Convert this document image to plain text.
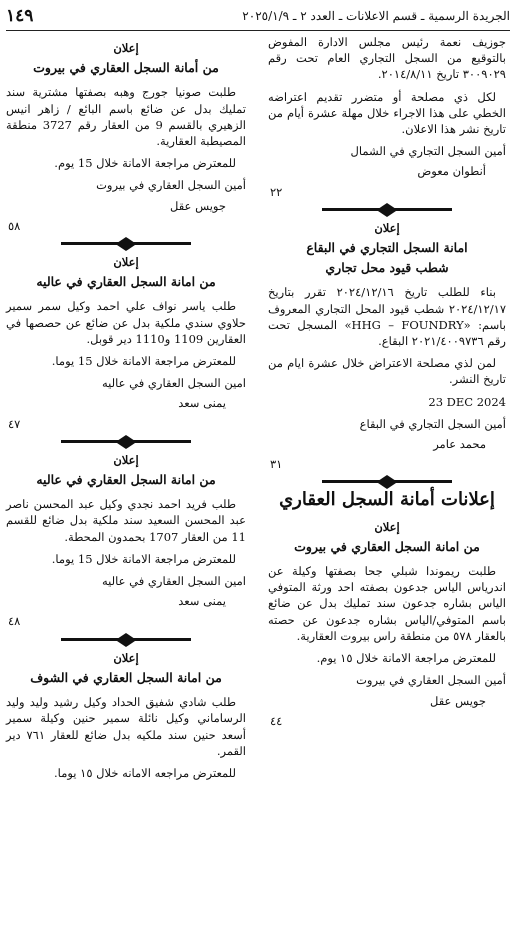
الجريدة الرسمية ـ قسم الاعلانات ـ العدد ٢ ـ ٢٠٢٥/١/٩
١٤٩

جوزيف نعمة رئيس مجلس الادارة المفوض بالتوقيع من السجل التجاري العام تحت رقم ٣٠٠٩٠٢٩ تاريخ ٢٠١٤/٨/١١.

لكل ذي مصلحة أو متضرر تقديم اعتراضه الخطي على هذا الاجراء خلال مهلة عشرة أيام من تاريخ نشر هذا الاعلان.

أمين السجل التجاري في الشمال
أنطوان معوض
٢٢
إعلان
امانة السجل التجاري في البقاع
شطب قيود محل تجاري

بناء للطلب تاريخ ٢٠٢٤/١٢/١٦ تقرر بتاريخ ٢٠٢٤/١٢/١٧ شطب قيود المحل التجاري المعروف باسم: «HHG – FOUNDRY» المسجل تحت رقم ٢٠٢١/٤٠٠٩٧٣٦ البقاع.

لمن لذي مصلحة الاعتراض خلال عشرة ايام من تاريخ النشر.

23 DEC 2024
أمين السجل التجاري في البقاع
محمد عامر
٣١
إعلانات أمانة السجل العقاري
إعلان
من امانة السجل العقاري في بيروت

طلبت ريموندا شبلي جحا بصفتها وكيلة عن اندرياس الياس جدعون بصفته احد ورثة المتوفي الياس بشاره جدعون سند تمليك بدل عن ضائع باسم المتوفي/الياس بشاره جدعون عن حصته بالعقار ٥٧٨ من منطقة راس بيروت العقارية.

للمعترض مراجعة الامانة خلال ١٥ يوم.

أمين السجل العقاري في بيروت
جويس عقل
٤٤
إعلان
من أمانة السجل العقاري في بيروت

طلبت صونيا جورج وهبه بصفتها مشترية سند تمليك بدل عن ضائع باسم البائع / زاهر انيس الزهيري بالقسم 9 من العقار رقم 3727 منطقة المصيطبة العقارية.

للمعترض مراجعة الامانة خلال 15 يوم.

أمين السجل العقاري في بيروت
جويس عقل
٥٨
إعلان
من امانة السجل العقاري في عاليه

طلب ياسر نواف علي احمد وكيل سمر سمير حلاوي سندي ملكية بدل عن ضائع عن حصصها في العقارين 1109 و1110 دير قوبل.

للمعترض مراجعة الامانة خلال 15 يوما.

امين السجل العقاري في عاليه
يمنى سعد
٤٧
إعلان
من امانة السجل العقاري في عاليه

طلب فريد احمد نجدي وكيل عبد المحسن ناصر عبد المحسن السعيد سند ملكية بدل ضائع للقسم 11 من العقار 1707 بحمدون المحطة.

للمعترض مراجعة الامانة خلال 15 يوما.

امين السجل العقاري في عاليه
يمنى سعد
٤٨
إعلان
من امانة السجل العقاري في الشوف

طلب شادي شفيق الحداد وكيل رشيد وليد وليد الرساماني وكيل نائلة سمير حنين وكيلة سمير أسعد حنين سند ملكيه بدل ضائع للعقار ٧٦١ دير القمر.

للمعترض مراجعه الامانه خلال ١٥ يوما.
